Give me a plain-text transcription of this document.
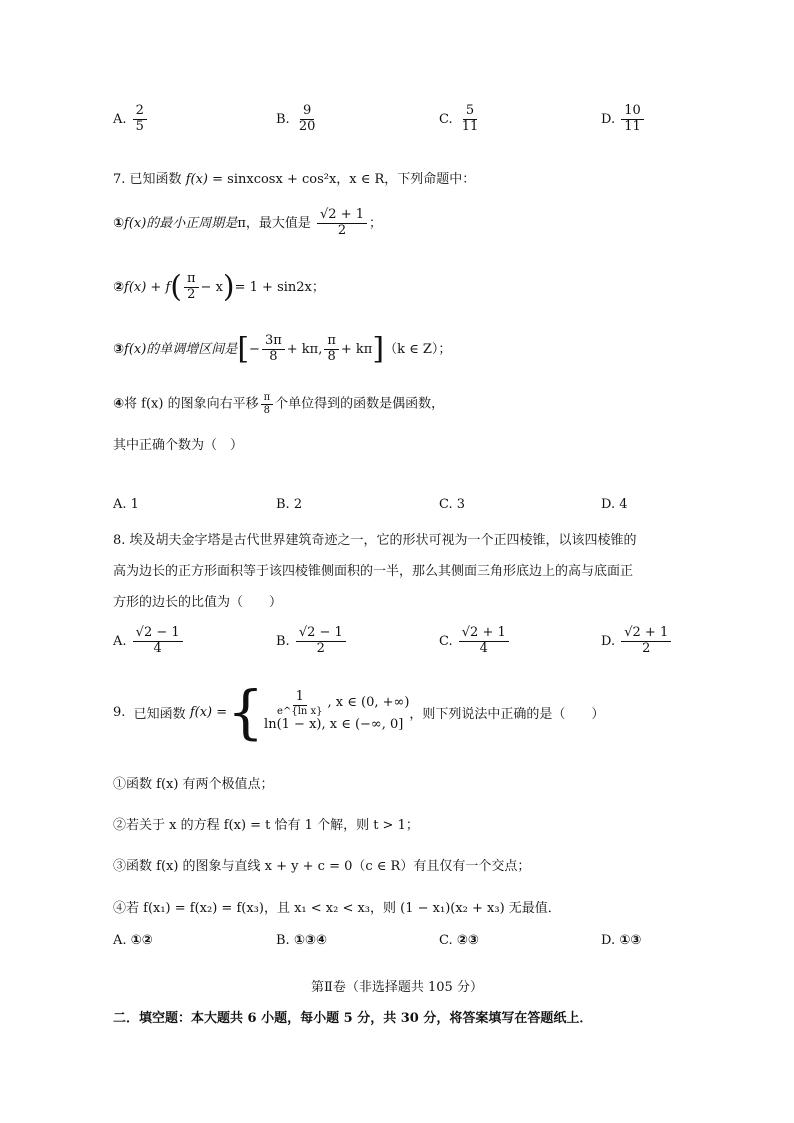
A. $\frac{2}{5}$	B. $\frac{9}{20}$	C. $\frac{5}{11}$	D. $\frac{10}{11}$
7. 已知函数 f(x) = sinxcosx + cos²x，x ∈ R，下列命题中：
①f(x)的最小正周期是π，最大值是 $\frac{√2 + 1}{2}$ ；
②f(x) + $f( \frac{\pi}{2} - x)= 1 + \sin 2x$；
③f(x)的单调增区间是[− $\frac{3\pi}{8} + k\pi$, $\frac{\pi}{8} + k\pi](k$ ∈ Z）；
④将 f(x) 的图象向右平移 $\frac{\pi}{8}$ 个单位得到的函数是偶函数，
其中正确个数为（　）
A. 1	B. 2	C. 3	D. 4
8. 埃及胡夫金字塔是古代世界建筑奇迹之一，它的形状可视为一个正四棱锥，以该四棱锥的
高为边长的正方形面积等于该四棱锥侧面积的一半，那么其侧面三角形底边上的高与底面正
方形的边长的比值为（　　）
A. $\frac{√2 - 1}{4}$	B. $\frac{√2 - 1}{2}$	C. $\frac{√2 + 1}{4}$	D. $\frac{√2 + 1}{2}$
9.
已知函数
f(x) = { $\frac{1}{\text{e\textasciicircum{}\{ln x\}}}$ , x ∈ (0, +∞)
ln(1 − x), x ∈ (−∞, 0]
，则下列说法中正确的是（　　）
①函数 f(x) 有两个极值点；
②若关于 x 的方程 f(x) = t 恰有 1 个解，则 t > 1；
③函数 f(x) 的图象与直线 x + y + c = 0（c ∈ R）有且仅有一个交点；
④若 f(x₁) = f(x₂) = f(x₃)，且 x₁ < x₂ < x₃，则 (1 − x₁)(x₂ + x₃) 无最值．
A. ①②	B. ①③④	C. ②③	D. ①③
第Ⅱ卷（非选择题共 105 分）
二．填空题：本大题共 6 小题，每小题 5 分，共 30 分，将答案填写在答题纸上．
